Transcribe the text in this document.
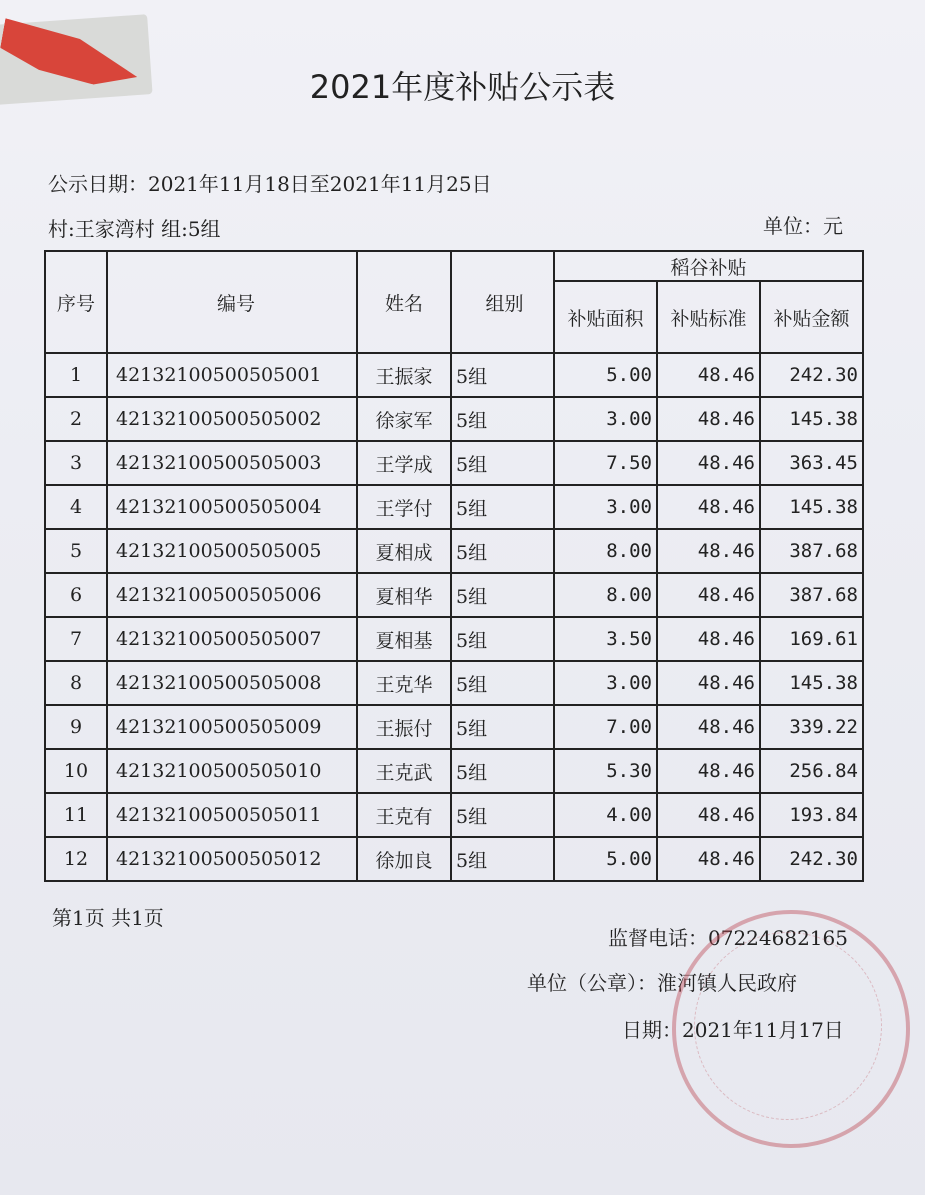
2021年度补贴公示表
公示日期：2021年11月18日至2021年11月25日
村:王家湾村 组:5组	单位：元
序号	编号	姓名	组别	稻谷补贴		
				补贴面积	补贴标准	补贴金额
1	42132100500505001	王振家	5组	5.00	48.46	242.30
2	42132100500505002	徐家军	5组	3.00	48.46	145.38
3	42132100500505003	王学成	5组	7.50	48.46	363.45
4	42132100500505004	王学付	5组	3.00	48.46	145.38
5	42132100500505005	夏相成	5组	8.00	48.46	387.68
6	42132100500505006	夏相华	5组	8.00	48.46	387.68
7	42132100500505007	夏相基	5组	3.50	48.46	169.61
8	42132100500505008	王克华	5组	3.00	48.46	145.38
9	42132100500505009	王振付	5组	7.00	48.46	339.22
10	42132100500505010	王克武	5组	5.30	48.46	256.84
11	42132100500505011	王克有	5组	4.00	48.46	193.84
12	42132100500505012	徐加良	5组	5.00	48.46	242.30
第1页 共1页
监督电话：07224682165
单位（公章）：淮河镇人民政府
日期：2021年11月17日
